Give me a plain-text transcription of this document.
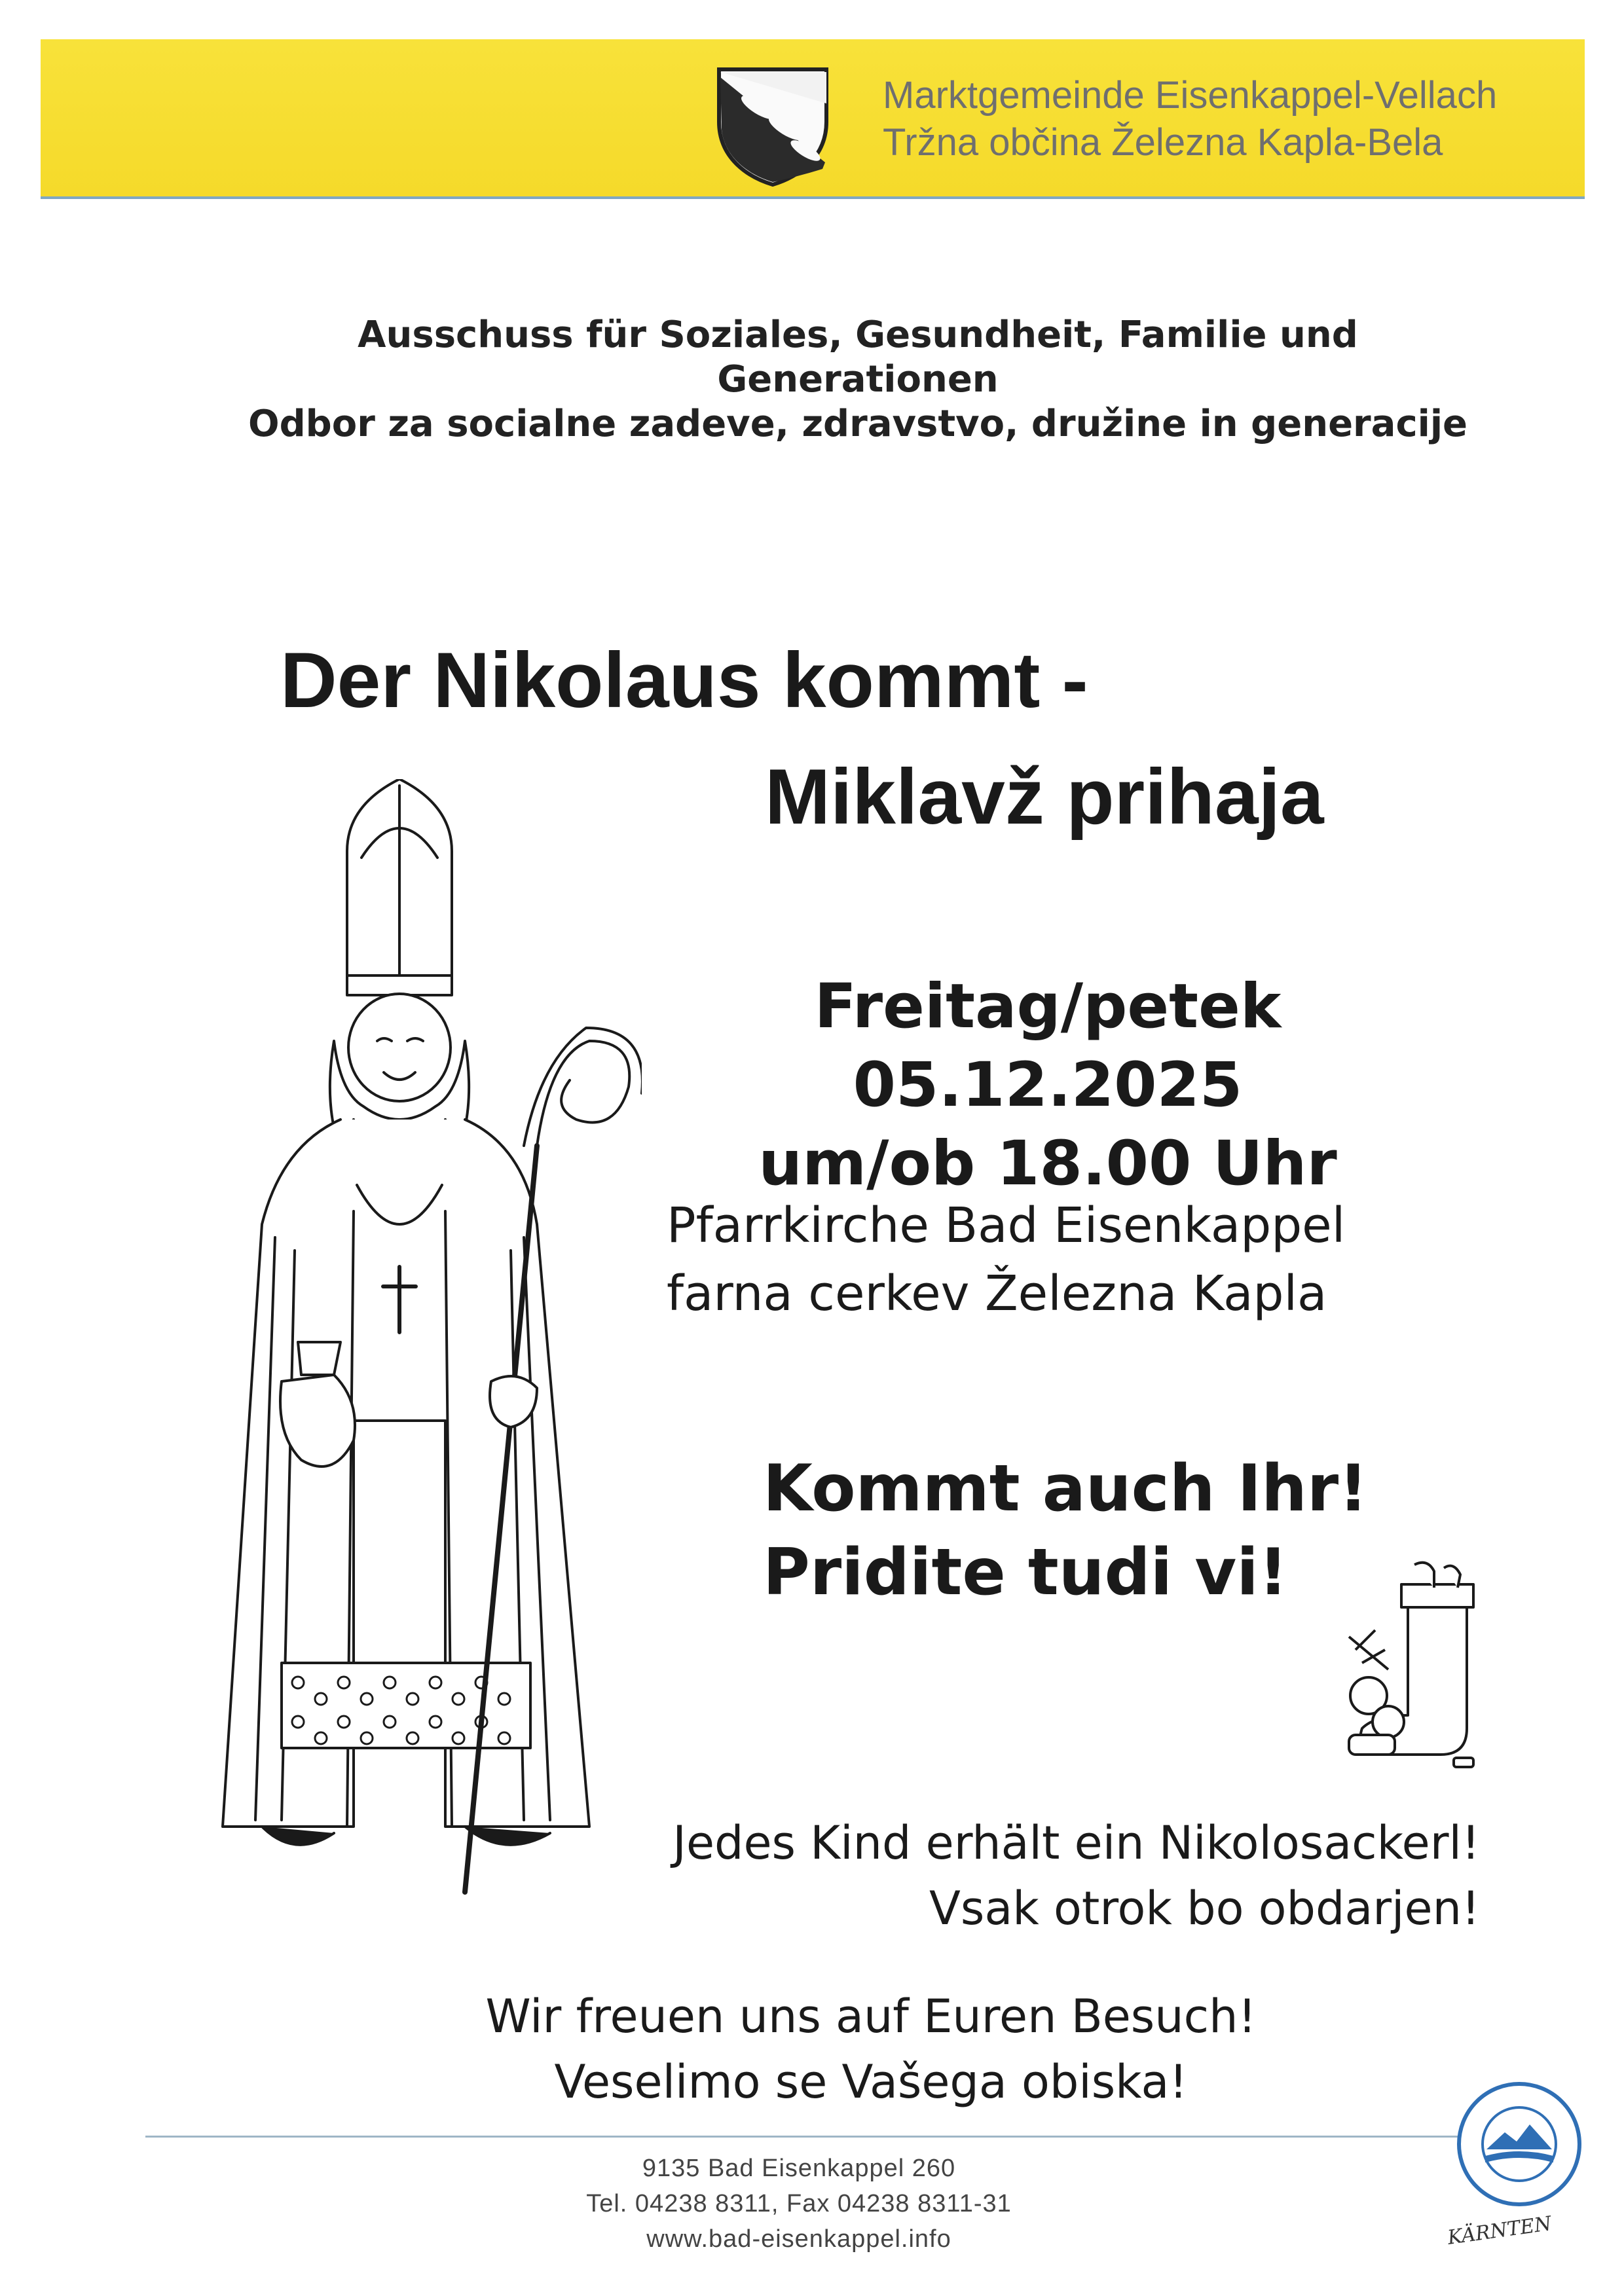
Marktgemeinde Eisenkappel-Vellach
Tržna občina Železna Kapla-Bela
Ausschuss für Soziales, Gesundheit, Familie und
Generationen
Odbor za socialne zadeve, zdravstvo, družine in generacije
Der Nikolaus kommt -
Miklavž prihaja
Freitag/petek
05.12.2025
um/ob 18.00 Uhr
Pfarrkirche Bad Eisenkappel
farna cerkev Železna Kapla
Kommt auch Ihr!
Pridite tudi vi!
Jedes Kind erhält ein Nikolosackerl!
Vsak otrok bo obdarjen!
Wir freuen uns auf Euren Besuch!
Veselimo se Vašega obiska!
9135 Bad Eisenkappel 260
Tel. 04238 8311, Fax 04238 8311-31
www.bad-eisenkappel.info	KÄRNTEN
